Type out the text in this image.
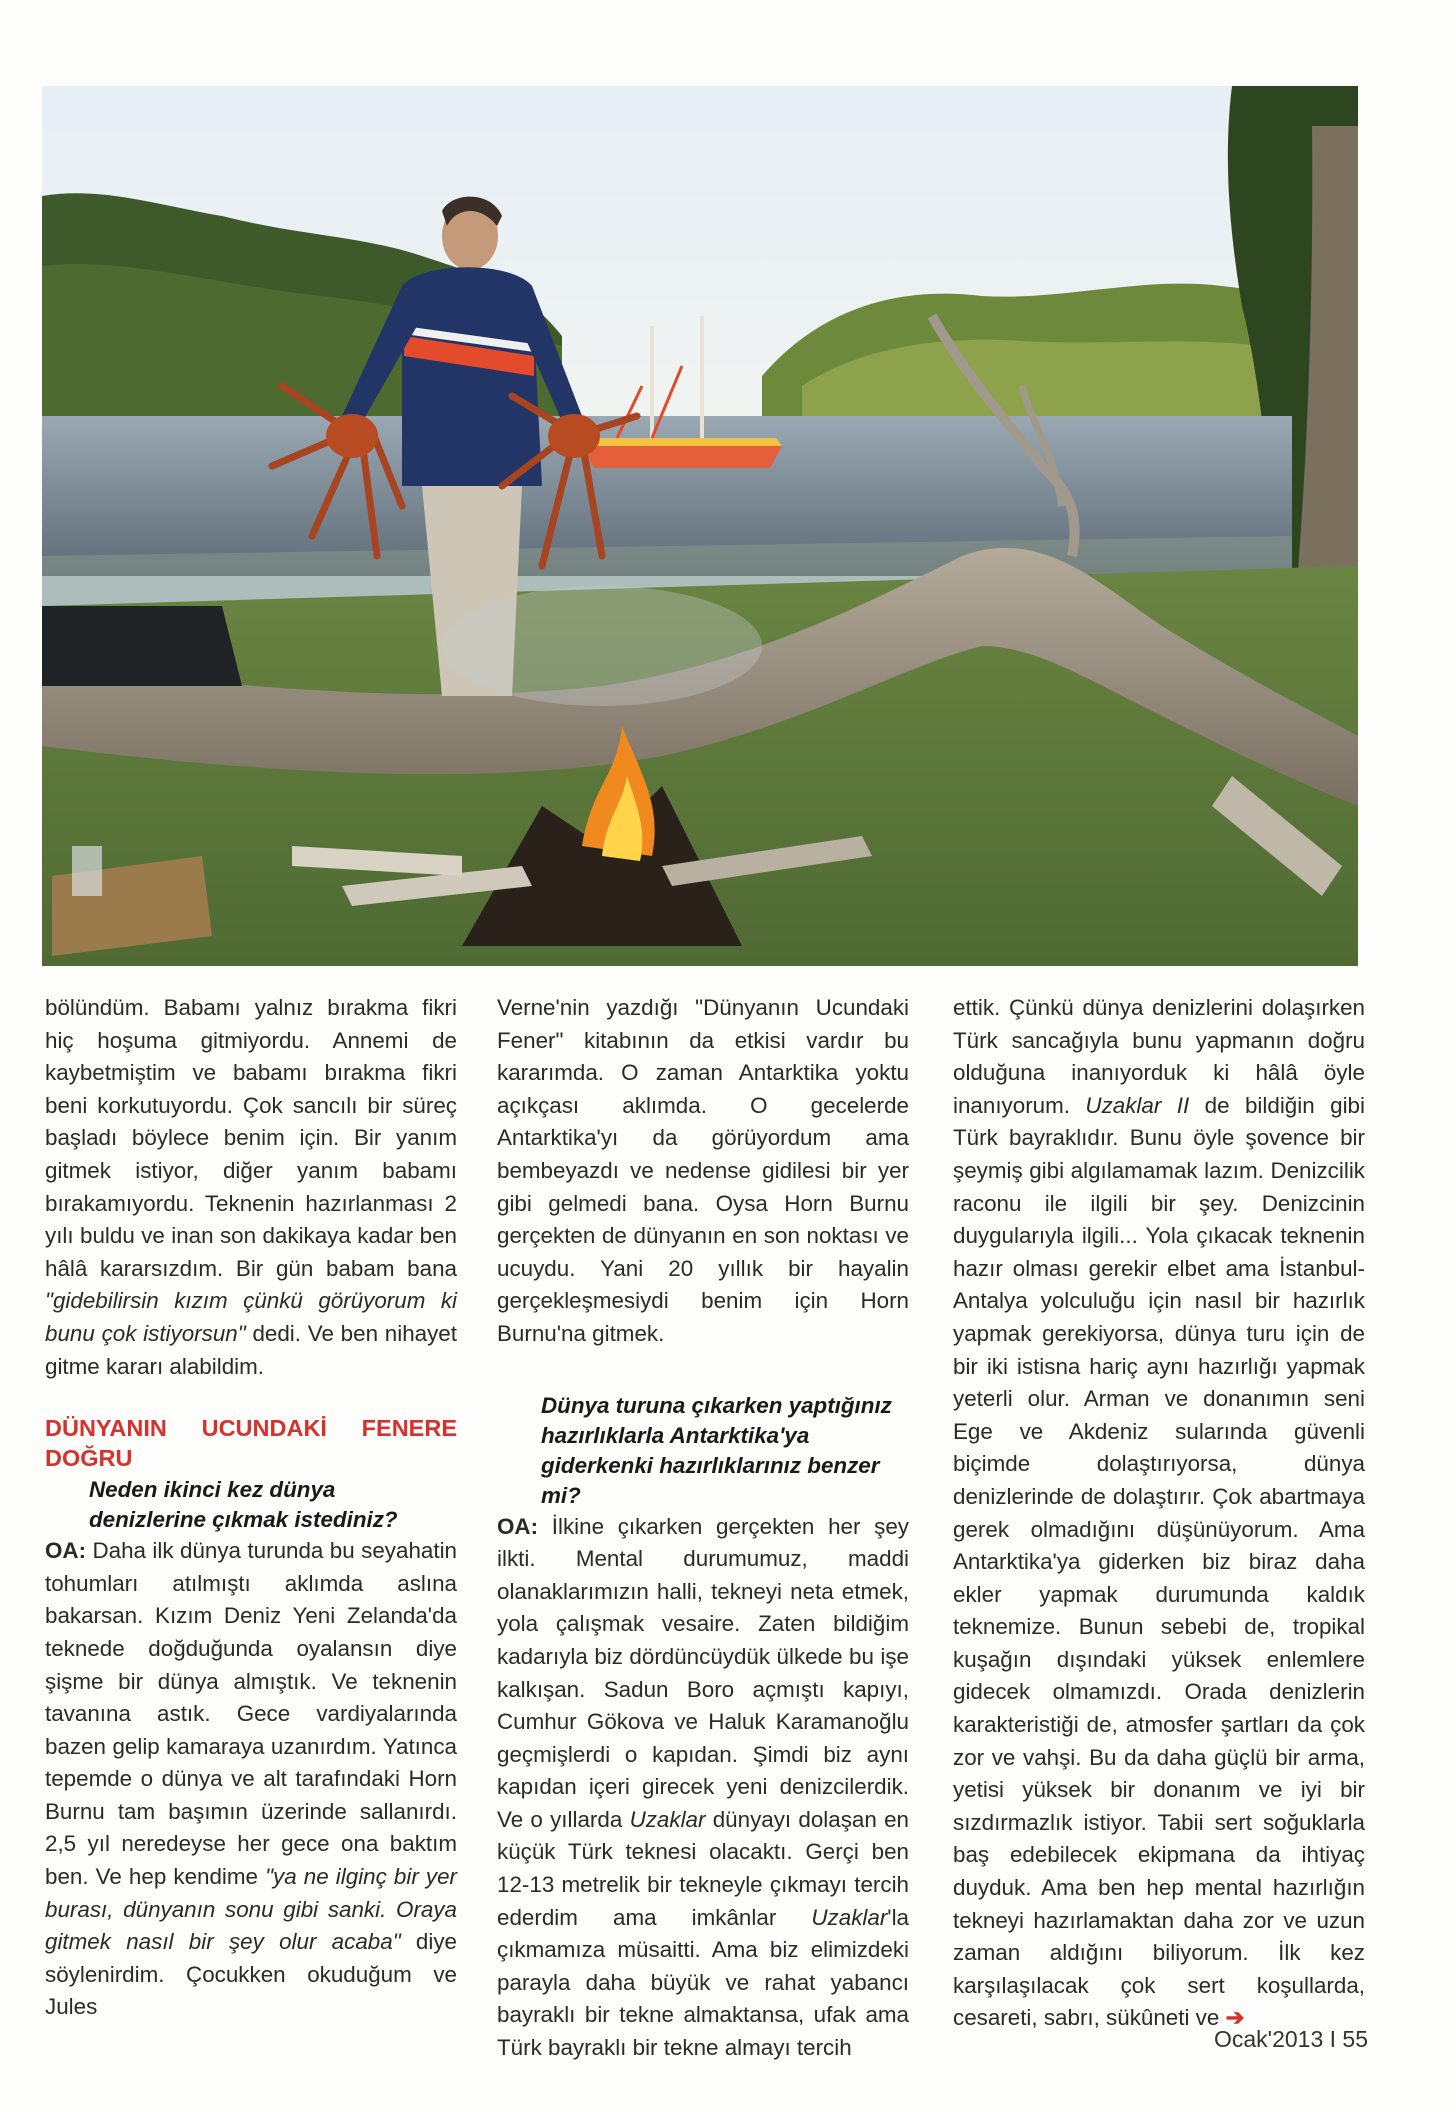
bölündüm. Babamı yalnız bırakma fikri hiç hoşuma gitmiyordu. Annemi de kaybetmiştim ve babamı bırakma fikri beni korkutuyordu. Çok sancılı bir süreç başladı böylece benim için. Bir yanım gitmek istiyor, diğer yanım babamı bırakamıyordu. Teknenin hazırlanması 2 yılı buldu ve inan son dakikaya kadar ben hâlâ kararsızdım. Bir gün babam bana "gidebilirsin kızım çünkü görüyorum ki bunu çok istiyorsun" dedi. Ve ben nihayet gitme kararı alabildim.

DÜNYANIN UCUNDAKİ FENERE DOĞRU

Neden ikinci kez dünya denizlerine çıkmak istediniz?

OA: Daha ilk dünya turunda bu seyahatin tohumları atılmıştı aklımda aslına bakarsan. Kızım Deniz Yeni Zelanda'da teknede doğduğunda oyalansın diye şişme bir dünya almıştık. Ve teknenin tavanına astık. Gece vardiyalarında bazen gelip kamaraya uzanırdım. Yatınca tepemde o dünya ve alt tarafındaki Horn Burnu tam başımın üzerinde sallanırdı. 2,5 yıl neredeyse her gece ona baktım ben. Ve hep kendime "ya ne ilginç bir yer burası, dünyanın sonu gibi sanki. Oraya gitmek nasıl bir şey olur acaba" diye söylenirdim. Çocukken okuduğum ve Jules

Verne'nin yazdığı "Dünyanın Ucundaki Fener" kitabının da etkisi vardır bu kararımda. O zaman Antarktika yoktu açıkçası aklımda. O gecelerde Antarktika'yı da görüyordum ama bembeyazdı ve nedense gidilesi bir yer gibi gelmedi bana. Oysa Horn Burnu gerçekten de dünyanın en son noktası ve ucuydu. Yani 20 yıllık bir hayalin gerçekleşmesiydi benim için Horn Burnu'na gitmek.

Dünya turuna çıkarken yaptığınız hazırlıklarla Antarktika'ya giderkenki hazırlıklarınız benzer mi?

OA: İlkine çıkarken gerçekten her şey ilkti. Mental durumumuz, maddi olanaklarımızın halli, tekneyi neta etmek, yola çalışmak vesaire. Zaten bildiğim kadarıyla biz dördüncüydük ülkede bu işe kalkışan. Sadun Boro açmıştı kapıyı, Cumhur Gökova ve Haluk Karamanoğlu geçmişlerdi o kapıdan. Şimdi biz aynı kapıdan içeri girecek yeni denizcilerdik. Ve o yıllarda Uzaklar dünyayı dolaşan en küçük Türk teknesi olacaktı. Gerçi ben 12-13 metrelik bir tekneyle çıkmayı tercih ederdim ama imkânlar Uzaklar'la çıkmamıza müsaitti. Ama biz elimizdeki parayla daha büyük ve rahat yabancı bayraklı bir tekne almaktansa, ufak ama Türk bayraklı bir tekne almayı tercih

ettik. Çünkü dünya denizlerini dolaşırken Türk sancağıyla bunu yapmanın doğru olduğuna inanıyorduk ki hâlâ öyle inanıyorum. Uzaklar II de bildiğin gibi Türk bayraklıdır. Bunu öyle şovence bir şeymiş gibi algılamamak lazım. Denizcilik raconu ile ilgili bir şey. Denizcinin duygularıyla ilgili... Yola çıkacak teknenin hazır olması gerekir elbet ama İstanbul-Antalya yolculuğu için nasıl bir hazırlık yapmak gerekiyorsa, dünya turu için de bir iki istisna hariç aynı hazırlığı yapmak yeterli olur. Arman ve donanımın seni Ege ve Akdeniz sularında güvenli biçimde dolaştırıyorsa, dünya denizlerinde de dolaştırır. Çok abartmaya gerek olmadığını düşünüyorum. Ama Antarktika'ya giderken biz biraz daha ekler yapmak durumunda kaldık teknemize. Bunun sebebi de, tropikal kuşağın dışındaki yüksek enlemlere gidecek olmamızdı. Orada denizlerin karakteristiği de, atmosfer şartları da çok zor ve vahşi. Bu da daha güçlü bir arma, yetisi yüksek bir donanım ve iyi bir sızdırmazlık istiyor. Tabii sert soğuklarla baş edebilecek ekipmana da ihtiyaç duyduk. Ama ben hep mental hazırlığın tekneyi hazırlamaktan daha zor ve uzun zaman aldığını biliyorum. İlk kez karşılaşılacak çok sert koşullarda, cesareti, sabrı, sükûneti ve ➔

Ocak'2013 I 55
